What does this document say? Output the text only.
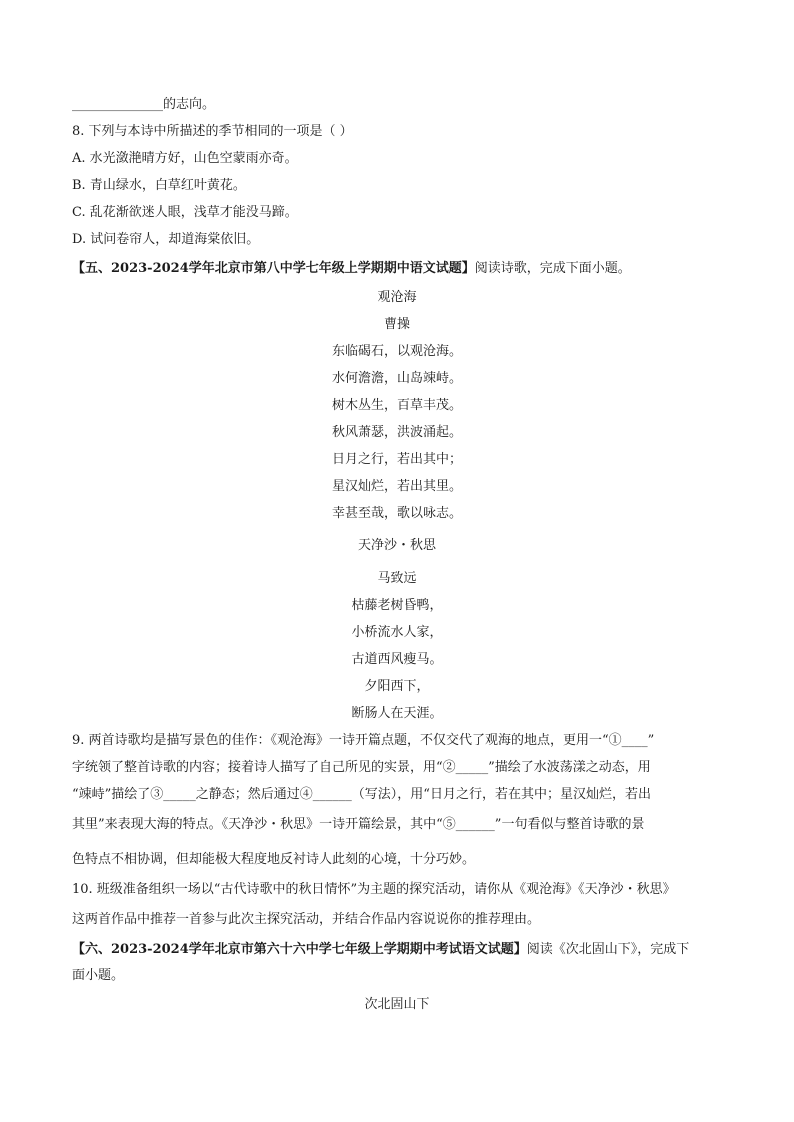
______________的志向。
8. 下列与本诗中所描述的季节相同的一项是（ ）
A. 水光潋滟晴方好，山色空蒙雨亦奇。
B. 青山绿水，白草红叶黄花。
C. 乱花渐欲迷人眼，浅草才能没马蹄。
D. 试问卷帘人，却道海棠依旧。
【五、2023-2024学年北京市第八中学七年级上学期期中语文试题】阅读诗歌，完成下面小题。
观沧海
曹操
东临碣石，以观沧海。
水何澹澹，山岛竦峙。
树木丛生，百草丰茂。
秋风萧瑟，洪波涌起。
日月之行，若出其中；
星汉灿烂，若出其里。
幸甚至哉，歌以咏志。
天净沙・秋思
马致远
枯藤老树昏鸭，
小桥流水人家，
古道西风瘦马。
夕阳西下，
断肠人在天涯。
9. 两首诗歌均是描写景色的佳作：《观沧海》一诗开篇点题，不仅交代了观海的地点，更用一“①____”
字统领了整首诗歌的内容；接着诗人描写了自己所见的实景，用“②_____”描绘了水波荡漾之动态，用
“竦峙”描绘了③_____之静态；然后通过④______（写法），用“日月之行，若在其中；星汉灿烂，若出
其里”来表现大海的特点。《天净沙・秋思》一诗开篇绘景，其中“⑤______”一句看似与整首诗歌的景
色特点不相协调，但却能极大程度地反衬诗人此刻的心境，十分巧妙。
10. 班级准备组织一场以“古代诗歌中的秋日情怀”为主题的探究活动，请你从《观沧海》《天净沙・秋思》
这两首作品中推荐一首参与此次主探究活动，并结合作品内容说说你的推荐理由。
【六、2023-2024学年北京市第六十六中学七年级上学期期中考试语文试题】阅读《次北固山下》，完成下
面小题。
次北固山下
